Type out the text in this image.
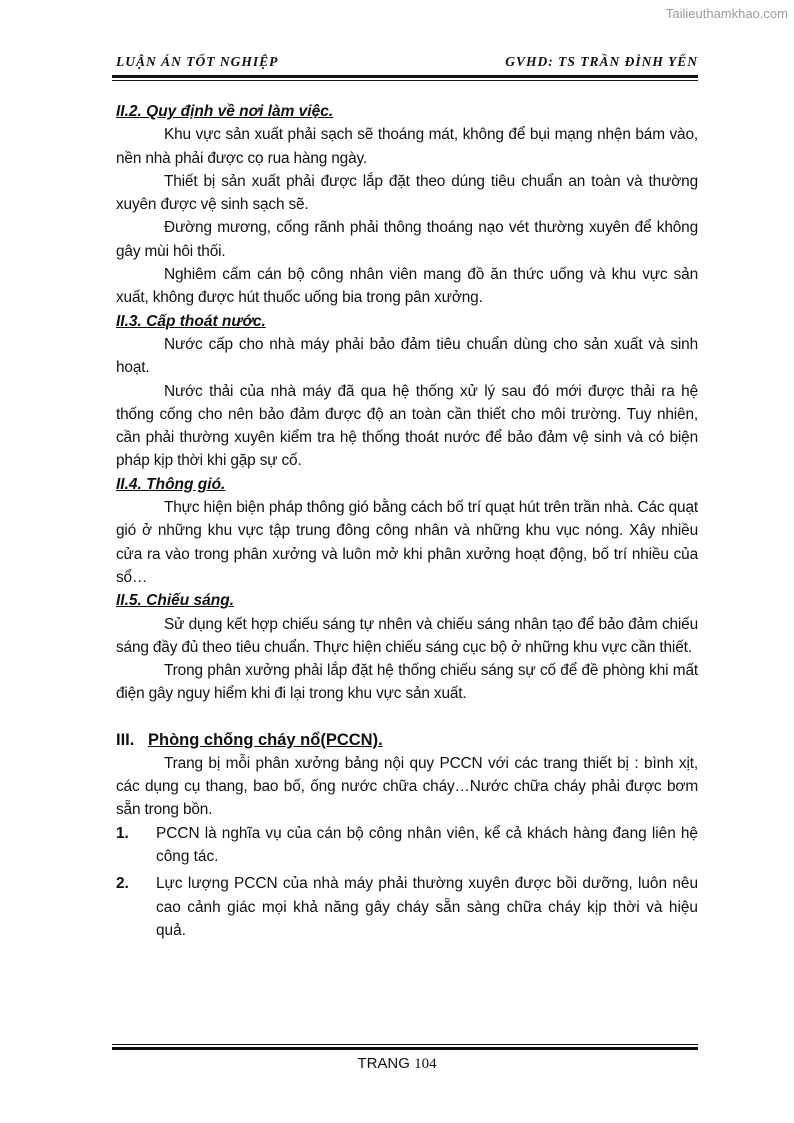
Tailieuthamkhao.com
LUẬN ÁN TỐT NGHIỆP	GVHD: TS TRẦN ĐÌNH YẾN
II.2. Quy định về nơi làm việc.

Khu vực sản xuất phải sạch sẽ thoáng mát, không để bụi mạng nhện bám vào, nền nhà phải được cọ rua hàng ngày.

Thiết bị sản xuất phải được lắp đặt theo dúng tiêu chuẩn an toàn và thường xuyên được vệ sinh sạch sẽ.

Đường mương, cống rãnh phải thông thoáng nạo vét thường xuyên để không gây mùi hôi thối.

Nghiêm cấm cán bộ công nhân viên mang đồ ăn thức uống và khu vực sản xuất, không được hút thuốc uống bia trong pân xưởng.

II.3. Cấp thoát nước.

Nước cấp cho nhà máy phải bảo đảm tiêu chuẩn dùng cho sản xuất và sinh hoạt.

Nước thải của nhà máy đã qua hệ thống xử lý sau đó mới được thải ra hệ thống cống cho nên bảo đảm được độ an toàn cần thiết cho môi trường. Tuy nhiên, cần phải thường xuyên kiểm tra hệ thống thoát nước để bảo đảm vệ sinh và có biện pháp kịp thời khi gặp sự cố.

II.4. Thông gió.

Thực hiện biện pháp thông gió bằng cách bố trí quạt hút trên trần nhà. Các quạt gió ở những khu vực tập trung đông công nhân và những khu vục nóng. Xây nhiều cửa ra vào trong phân xưởng và luôn mở khi phân xưởng hoạt động, bố trí nhiều của sổ…

II.5. Chiếu sáng.

Sử dụng kết hợp chiếu sáng tự nhên và chiếu sáng nhân tạo để bảo đảm chiếu sáng đầy đủ theo tiêu chuẩn. Thực hiện chiếu sáng cục bộ ở những khu vực cần thiết.

Trong phân xưởng phải lắp đặt hệ thống chiếu sáng sự cố để đề phòng khi mất điện gây nguy hiểm khi đi lại trong khu vực sản xuất.

III. Phòng chống cháy nổ(PCCN).

Trang bị mỗi phân xưởng bảng nội quy PCCN với các trang thiết bị : bình xịt, các dụng cụ thang, bao bố, ống nước chữa cháy…Nước chữa cháy phải được bơm sẵn trong bồn.

1.	PCCN là nghĩa vụ của cán bộ công nhân viên, kể cả khách hàng đang liên hệ công tác.
2.	Lực lượng PCCN của nhà máy phải thường xuyên được bồi dưỡng, luôn nêu cao cảnh giác mọi khả năng gây cháy sẵn sàng chữa cháy kịp thời và hiệu quả.
TRANG 104
